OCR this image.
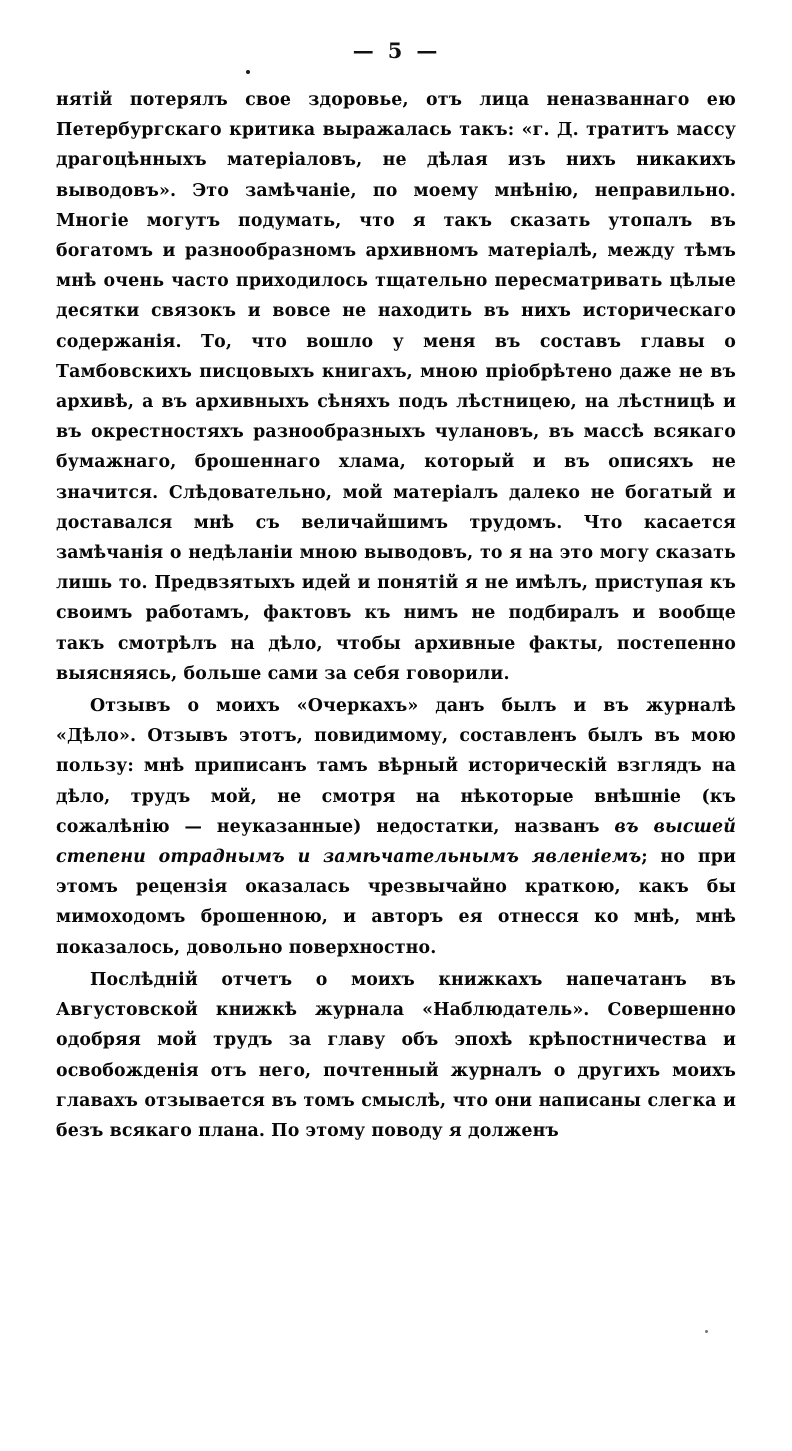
— 5 —

нятій потерялъ свое здоровье, отъ лица неназваннаго ею Петербургскаго критика выражалась такъ: «г. Д. тратитъ массу драгоцѣнныхъ матеріаловъ, не дѣлая изъ нихъ никакихъ выводовъ». Это замѣчаніе, по моему мнѣнію, неправильно. Многіе могутъ подумать, что я такъ сказать утопалъ въ богатомъ и разнообразномъ архивномъ матеріалѣ, между тѣмъ мнѣ очень часто приходилось тщательно пересматривать цѣлые десятки связокъ и вовсе не находить въ нихъ историческаго содержанія. То, что вошло у меня въ составъ главы о Тамбовскихъ писцовыхъ книгахъ, мною пріобрѣтено даже не въ архивѣ, а въ архивныхъ сѣняхъ подъ лѣстницею, на лѣстницѣ и въ окрестностяхъ разнообразныхъ чулановъ, въ массѣ всякаго бумажнаго, брошеннаго хлама, который и въ описяхъ не значится. Слѣдовательно, мой матеріалъ далеко не богатый и доставался мнѣ съ величайшимъ трудомъ. Что касается замѣчанія о недѣланіи мною выводовъ, то я на это могу сказать лишь то. Предвзятыхъ идей и понятій я не имѣлъ, приступая къ своимъ работамъ, фактовъ къ нимъ не подбиралъ и вообще такъ смотрѣлъ на дѣло, чтобы архивные факты, постепенно выясняясь, больше сами за себя говорили.

Отзывъ о моихъ «Очеркахъ» данъ былъ и въ журналѣ «Дѣло». Отзывъ этотъ, повидимому, составленъ былъ въ мою пользу: мнѣ приписанъ тамъ вѣрный историческій взглядъ на дѣло, трудъ мой, не смотря на нѣкоторые внѣшніе (къ сожалѣнію — неуказанные) недостатки, названъ въ высшей степени отраднымъ и замѣчательнымъ явленіемъ; но при этомъ рецензія оказалась чрезвычайно краткою, какъ бы мимоходомъ брошенною, и авторъ ея отнесся ко мнѣ, мнѣ показалось, довольно поверхностно.

Послѣдній отчетъ о моихъ книжкахъ напечатанъ въ Августовской книжкѣ журнала «Наблюдатель». Совершенно одобряя мой трудъ за главу объ эпохѣ крѣпостничества и освобожденія отъ него, почтенный журналъ о другихъ моихъ главахъ отзывается въ томъ смыслѣ, что они написаны слегка и безъ всякаго плана. По этому поводу я долженъ
